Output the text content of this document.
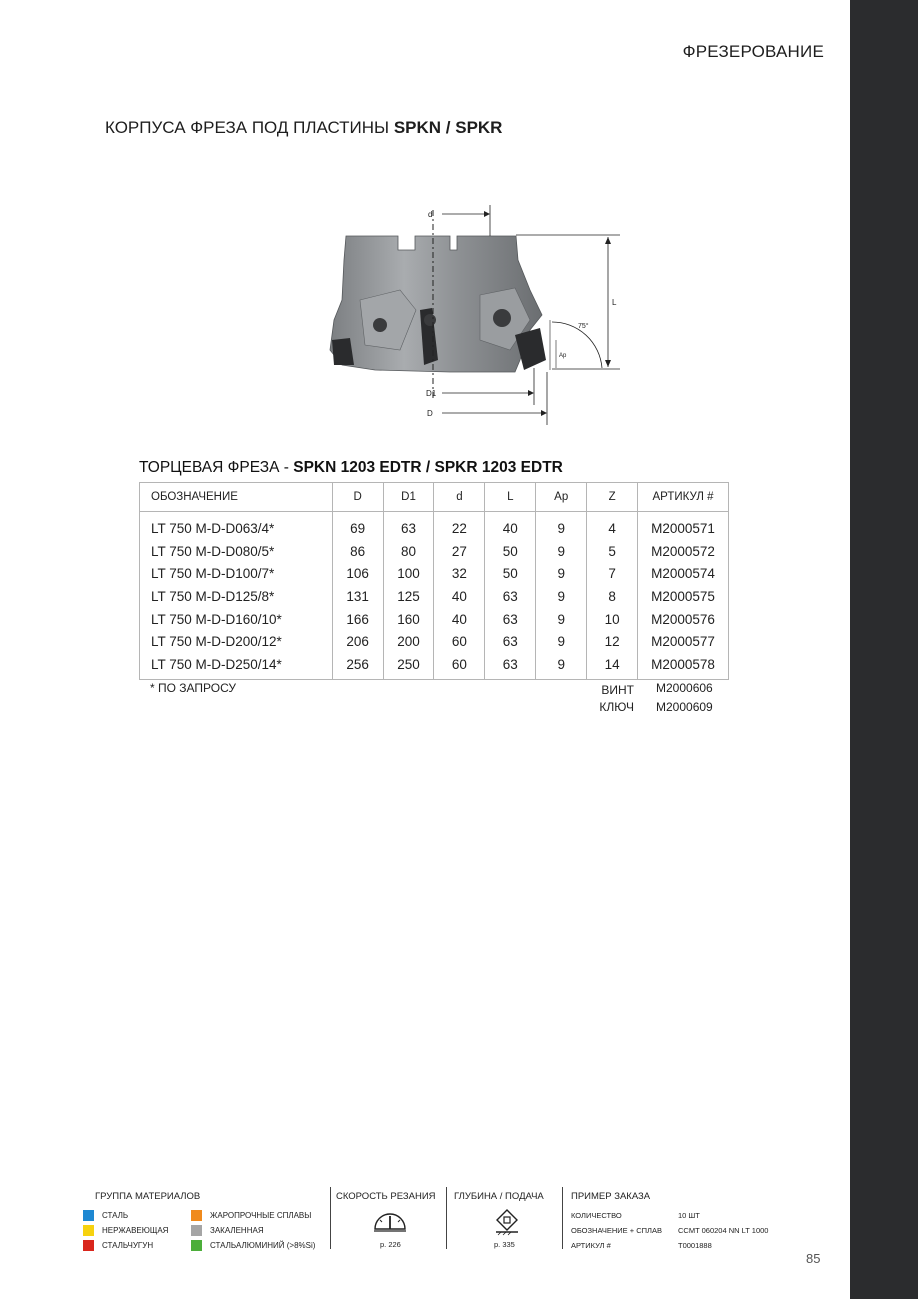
ФРЕЗЕРОВАНИЕ
КОРПУСА ФРЕЗА ПОД ПЛАСТИНЫ SPKN / SPKR
d
L
75°
Ap
D1
D
ТОРЦЕВАЯ ФРЕЗА - SPKN 1203 EDTR / SPKR 1203 EDTR
ОБОЗНАЧЕНИЕ	D	D1	d	L	Ap	Z	АРТИКУЛ #
LT 750 M-D-D063/4*	69	63	22	40	9	4	M2000571
LT 750 M-D-D080/5*	86	80	27	50	9	5	M2000572
LT 750 M-D-D100/7*	106	100	32	50	9	7	M2000574
LT 750 M-D-D125/8*	131	125	40	63	9	8	M2000575
LT 750 M-D-D160/10*	166	160	40	63	9	10	M2000576
LT 750 M-D-D200/12*	206	200	60	63	9	12	M2000577
LT 750 M-D-D250/14*	256	250	60	63	9	14	M2000578
* ПО ЗАПРОСУ	ВИНТ M2000606
КЛЮЧ M2000609
ГРУППА МАТЕРИАЛОВ
СТАЛЬ
НЕРЖАВЕЮЩАЯ
СТАЛЬЧУГУН
ЖАРОПРОЧНЫЕ СПЛАВЫ
ЗАКАЛЕННАЯ
СТАЛЬАЛЮМИНИЙ (>8%Si)
СКОРОСТЬ РЕЗАНИЯ
p. 226
ГЛУБИНА / ПОДАЧА
p. 335
ПРИМЕР ЗАКАЗА
КОЛИЧЕСТВО	10 ШТ
ОБОЗНАЧЕНИЕ + СПЛАВ CCMT 060204 NN LT 1000
АРТИКУЛ #	T0001888
85
